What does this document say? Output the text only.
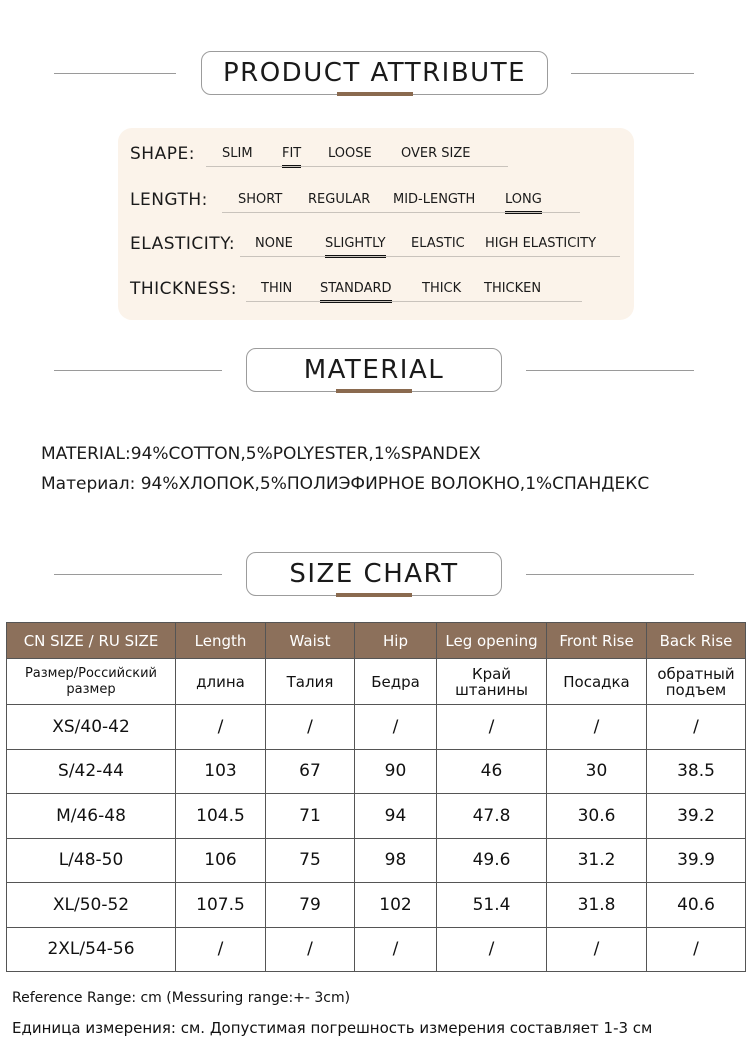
PRODUCT ATTRIBUTE
SHAPE: SLIM FIT LOOSE OVER SIZE
LENGTH: SHORT REGULAR MID-LENGTH LONG
ELASTICITY: NONE SLIGHTLY ELASTIC HIGH ELASTICITY
THICKNESS: THIN STANDARD THICK THICKEN
MATERIAL
MATERIAL:94%COTTON,5%POLYESTER,1%SPANDEX
Материал: 94%ХЛОПОК,5%ПОЛИЭФИРНОЕ ВОЛОКНО,1%СПАНДЕКС
SIZE CHART
CN SIZE / RU SIZE	Length	Waist	Hip	Leg opening	Front Rise	Back Rise
Размер/Российский размер	длина	Талия	Бедра	Край штанины	Посадка	обратный подъем
XS/40-42	/	/	/	/	/	/
S/42-44	103	67	90	46	30	38.5
M/46-48	104.5	71	94	47.8	30.6	39.2
L/48-50	106	75	98	49.6	31.2	39.9
XL/50-52	107.5	79	102	51.4	31.8	40.6
2XL/54-56	/	/	/	/	/	/
Reference Range: cm (Messuring range:+- 3cm)
Единица измерения: см. Допустимая погрешность измерения составляет 1-3 см
